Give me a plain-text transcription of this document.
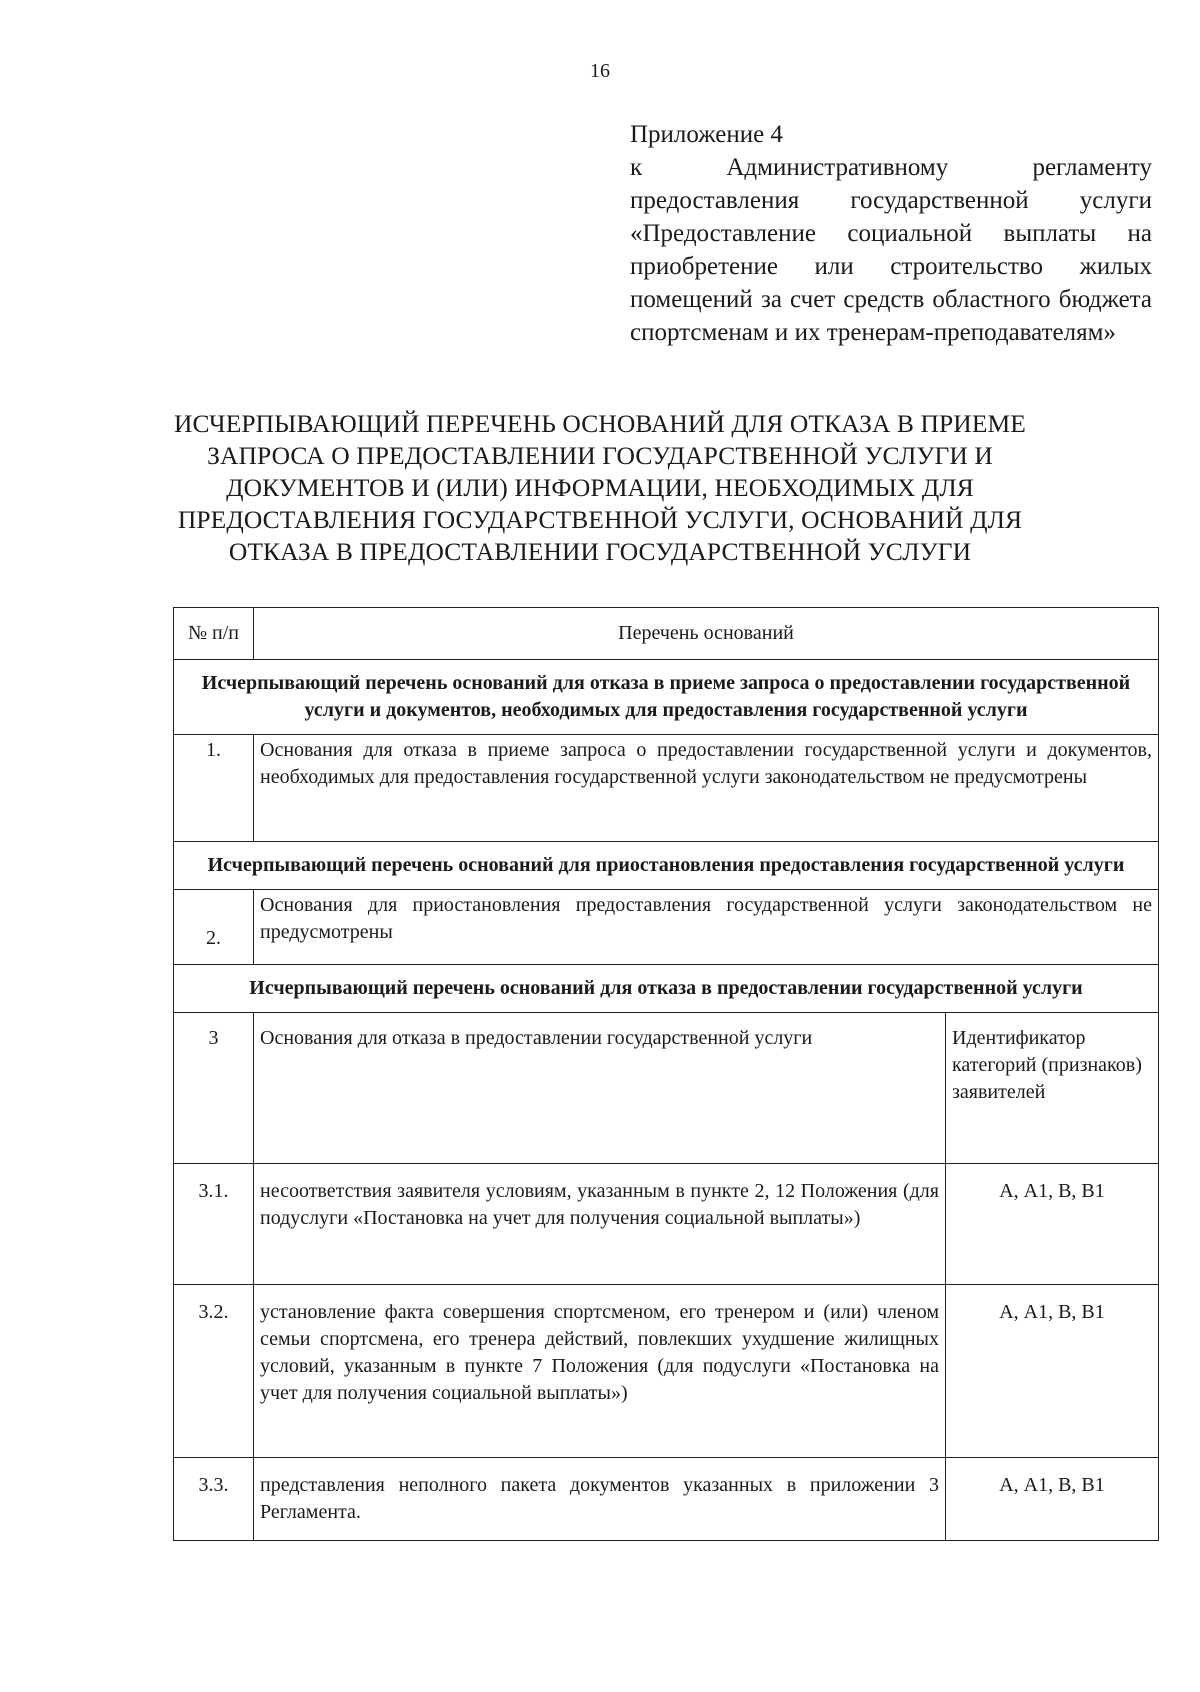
16
Приложение 4
к Административному регламенту предоставления государственной услуги «Предоставление социальной выплаты на приобретение или строительство жилых помещений за счет средств областного бюджета спортсменам и их тренерам-преподавателям»
ИСЧЕРПЫВАЮЩИЙ ПЕРЕЧЕНЬ ОСНОВАНИЙ ДЛЯ ОТКАЗА В ПРИЕМЕ ЗАПРОСА О ПРЕДОСТАВЛЕНИИ ГОСУДАРСТВЕННОЙ УСЛУГИ И ДОКУМЕНТОВ И (ИЛИ) ИНФОРМАЦИИ, НЕОБХОДИМЫХ ДЛЯ ПРЕДОСТАВЛЕНИЯ ГОСУДАРСТВЕННОЙ УСЛУГИ, ОСНОВАНИЙ ДЛЯ ОТКАЗА В ПРЕДОСТАВЛЕНИИ ГОСУДАРСТВЕННОЙ УСЛУГИ
№ п/п	Перечень оснований	
Исчерпывающий перечень оснований для отказа в приеме запроса о предоставлении государственной услуги и документов, необходимых для предоставления государственной услуги		
1.	Основания для отказа в приеме запроса о предоставлении государственной услуги и документов, необходимых для предоставления государственной услуги законодательством не предусмотрены	
Исчерпывающий перечень оснований для приостановления предоставления государственной услуги		
2.	Основания для приостановления предоставления государственной услуги законодательством не предусмотрены	
Исчерпывающий перечень оснований для отказа в предоставлении государственной услуги		
3	Основания для отказа в предоставлении государственной услуги	Идентификатор категорий (признаков) заявителей
3.1.	несоответствия заявителя условиям, указанным в пункте 2, 12 Положения (для подуслуги «Постановка на учет для получения социальной выплаты»)	А, А1, В, В1
3.2.	установление факта совершения спортсменом, его тренером и (или) членом семьи спортсмена, его тренера действий, повлекших ухудшение жилищных условий, указанным в пункте 7 Положения (для подуслуги «Постановка на учет для получения социальной выплаты»)	А, А1, В, В1
3.3.	представления неполного пакета документов указанных в приложении 3 Регламента.	А, А1, В, В1
